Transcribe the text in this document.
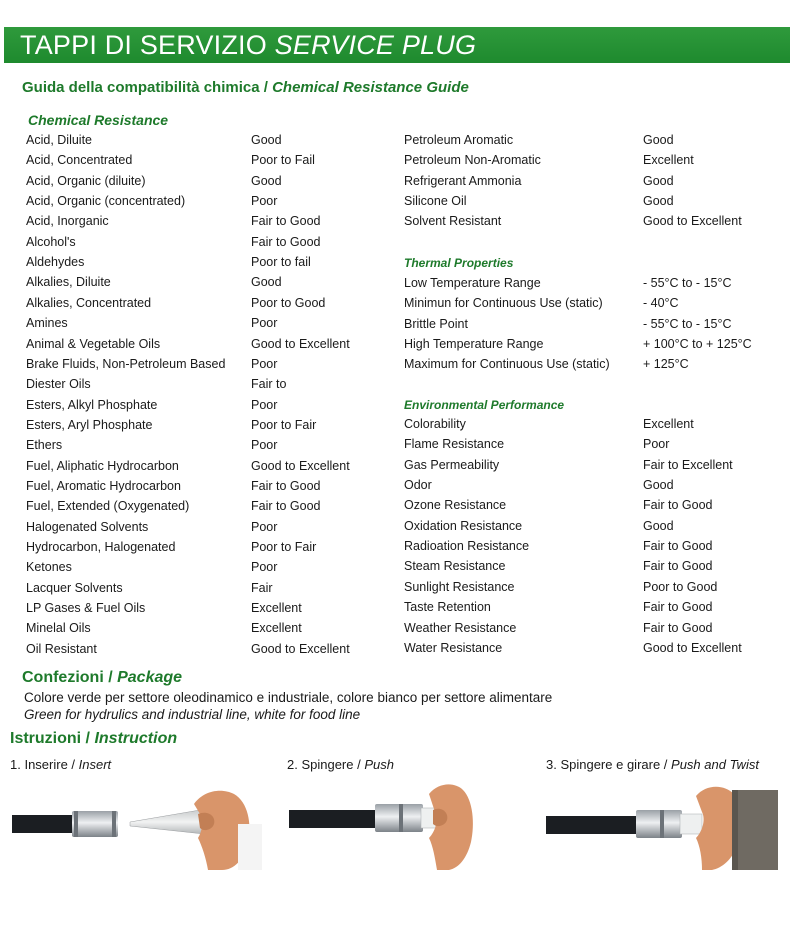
TAPPI DI SERVIZIO SERVICE PLUG
Guida della compatibilità chimica / Chemical Resistance Guide
Chemical Resistance
Thermal Properties
Environmental Performance
Acid, Diluite	Good
Acid, Concentrated	Poor to Fail
Acid, Organic (diluite)	Good
Acid, Organic (concentrated)	Poor
Acid, Inorganic	Fair to Good
Alcohol's	Fair to Good
Aldehydes	Poor to fail
Alkalies, Diluite	Good
Alkalies, Concentrated	Poor to Good
Amines	Poor
Animal & Vegetable Oils	Good to Excellent
Brake Fluids, Non-Petroleum Based Poor
Diester Oils	Fair to
Esters, Alkyl Phosphate	Poor
Esters, Aryl Phosphate	Poor to Fair
Ethers	Poor
Fuel, Aliphatic Hydrocarbon	Good to Excellent
Fuel, Aromatic Hydrocarbon	Fair to Good
Fuel, Extended (Oxygenated)	Fair to Good
Halogenated Solvents	Poor
Hydrocarbon, Halogenated	Poor to Fair
Ketones	Poor
Lacquer Solvents	Fair
LP Gases & Fuel Oils	Excellent
Minelal Oils	Excellent
Oil Resistant	Good to Excellent
Petroleum Aromatic	Good
Petroleum Non-Aromatic	Excellent
Refrigerant Ammonia	Good
Silicone Oil	Good
Solvent Resistant	Good to Excellent
Low Temperature Range	- 55°C to - 15°C
Minimun for Continuous Use (static)	- 40°C
Brittle Point	- 55°C to - 15°C
High Temperature Range	+ 100°C to + 125°C
Maximum for Continuous Use (static)	+ 125°C
Colorability	Excellent
Flame Resistance	Poor
Gas Permeability	Fair to Excellent
Odor	Good
Ozone Resistance	Fair to Good
Oxidation Resistance	Good
Radioation Resistance	Fair to Good
Steam Resistance	Fair to Good
Sunlight Resistance	Poor to Good
Taste Retention	Fair to Good
Weather Resistance	Fair to Good
Water Resistance	Good to Excellent
Confezioni / Package
Colore verde per settore oleodinamico e industriale, colore bianco per settore alimentare
Green for hydrulics and industrial line, white for food line
Istruzioni / Instruction
1. Inserire / Insert	2. Spingere / Push	3. Spingere e girare / Push and Twist
